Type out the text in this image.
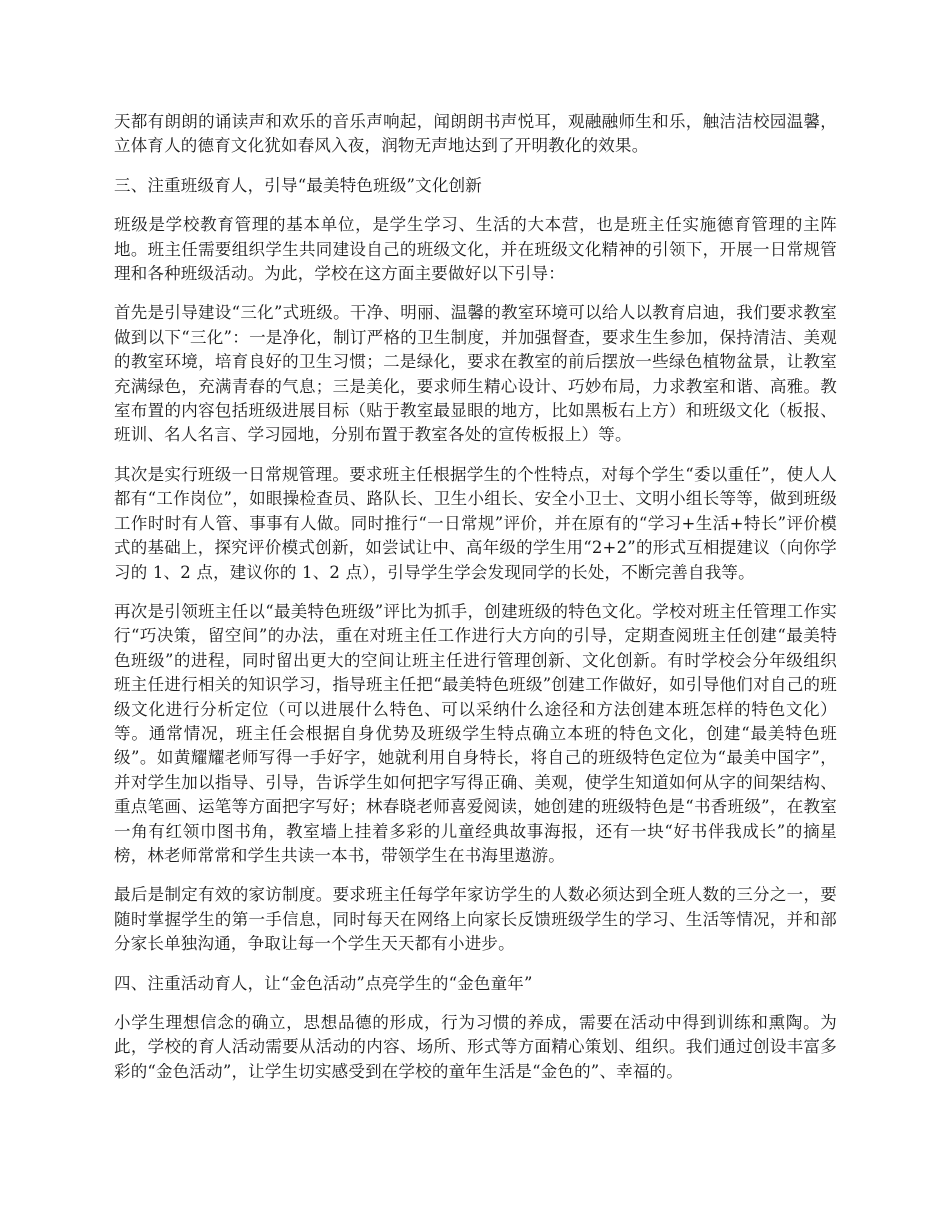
天都有朗朗的诵读声和欢乐的音乐声响起，闻朗朗书声悦耳，观融融师生和乐，触洁洁校园温馨，立体育人的德育文化犹如春风入夜，润物无声地达到了开明教化的效果。

三、注重班级育人，引导“最美特色班级”文化创新

班级是学校教育管理的基本单位，是学生学习、生活的大本营，也是班主任实施德育管理的主阵地。班主任需要组织学生共同建设自己的班级文化，并在班级文化精神的引领下，开展一日常规管理和各种班级活动。为此，学校在这方面主要做好以下引导：

首先是引导建设“三化”式班级。干净、明丽、温馨的教室环境可以给人以教育启迪，我们要求教室做到以下“三化”：一是净化，制订严格的卫生制度，并加强督查，要求生生参加，保持清洁、美观的教室环境，培育良好的卫生习惯；二是绿化，要求在教室的前后摆放一些绿色植物盆景，让教室充满绿色，充满青春的气息；三是美化，要求师生精心设计、巧妙布局，力求教室和谐、高雅。教室布置的内容包括班级进展目标（贴于教室最显眼的地方，比如黑板右上方）和班级文化（板报、班训、名人名言、学习园地，分别布置于教室各处的宣传板报上）等。

其次是实行班级一日常规管理。要求班主任根据学生的个性特点，对每个学生“委以重任”，使人人都有“工作岗位”，如眼操检查员、路队长、卫生小组长、安全小卫士、文明小组长等等，做到班级工作时时有人管、事事有人做。同时推行“一日常规”评价，并在原有的“学习+生活+特长”评价模式的基础上，探究评价模式创新，如尝试让中、高年级的学生用“2+2”的形式互相提建议（向你学习的 1、2 点，建议你的 1、2 点），引导学生学会发现同学的长处，不断完善自我等。

再次是引领班主任以“最美特色班级”评比为抓手，创建班级的特色文化。学校对班主任管理工作实行“巧决策，留空间”的办法，重在对班主任工作进行大方向的引导，定期查阅班主任创建“最美特色班级”的进程，同时留出更大的空间让班主任进行管理创新、文化创新。有时学校会分年级组织班主任进行相关的知识学习，指导班主任把“最美特色班级”创建工作做好，如引导他们对自己的班级文化进行分析定位（可以进展什么特色、可以采纳什么途径和方法创建本班怎样的特色文化）等。通常情况，班主任会根据自身优势及班级学生特点确立本班的特色文化，创建“最美特色班级”。如黄耀耀老师写得一手好字，她就利用自身特长，将自己的班级特色定位为“最美中国字”，并对学生加以指导、引导，告诉学生如何把字写得正确、美观，使学生知道如何从字的间架结构、重点笔画、运笔等方面把字写好；林春晓老师喜爱阅读，她创建的班级特色是“书香班级”，在教室一角有红领巾图书角，教室墙上挂着多彩的儿童经典故事海报，还有一块“好书伴我成长”的摘星榜，林老师常常和学生共读一本书，带领学生在书海里遨游。

最后是制定有效的家访制度。要求班主任每学年家访学生的人数必须达到全班人数的三分之一，要随时掌握学生的第一手信息，同时每天在网络上向家长反馈班级学生的学习、生活等情况，并和部分家长单独沟通，争取让每一个学生天天都有小进步。

四、注重活动育人，让“金色活动”点亮学生的“金色童年”

小学生理想信念的确立，思想品德的形成，行为习惯的养成，需要在活动中得到训练和熏陶。为此，学校的育人活动需要从活动的内容、场所、形式等方面精心策划、组织。我们通过创设丰富多彩的“金色活动”，让学生切实感受到在学校的童年生活是“金色的”、幸福的。
